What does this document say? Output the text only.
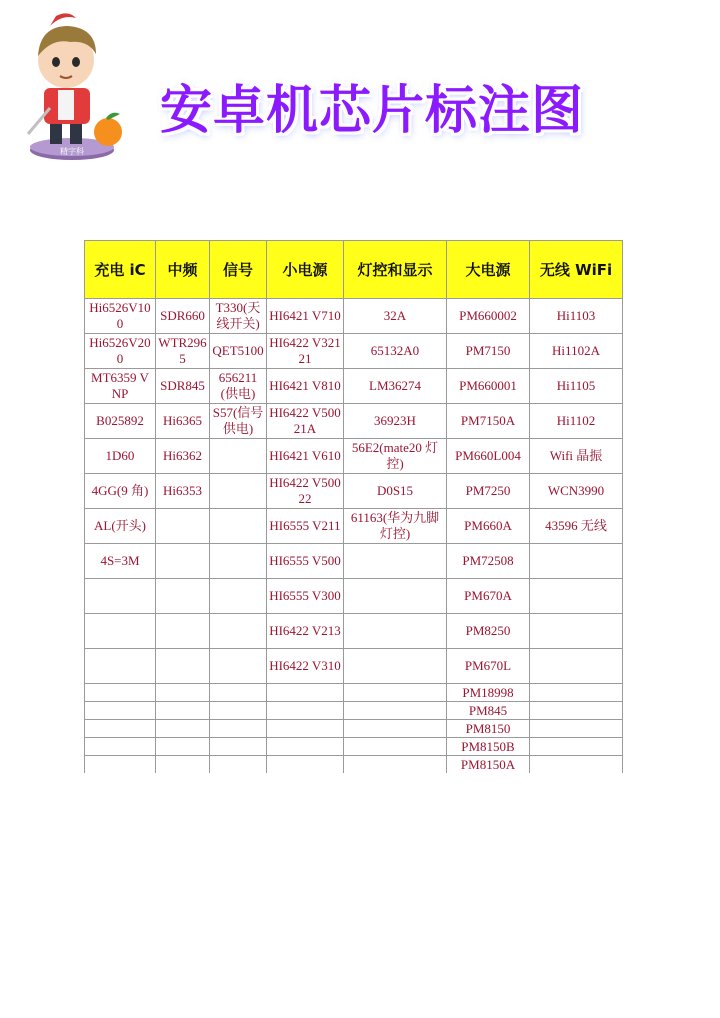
精字科
安卓机芯片标注图
充电 iC	中频	信号	小电源	灯控和显示	大电源	无线 WiFi
Hi6526V100	SDR660	T330(天线开关)	HI6421 V710	32A	PM660002	Hi1103
Hi6526V200	WTR2965	QET5100	HI6422 V32121	65132A0	PM7150	Hi1102A
MT6359 VNP	SDR845	656211(供电)	HI6421 V810	LM36274	PM660001	Hi1105
B025892	Hi6365	S57(信号供电)	HI6422 V50021A	36923H	PM7150A	Hi1102
1D60	Hi6362		HI6421 V610	56E2(mate20 灯控)	PM660L004	Wifi 晶振
4GG(9 角)	Hi6353		HI6422 V50022	D0S15	PM7250	WCN3990
AL(开头)			HI6555 V211	61163(华为九脚灯控)	PM660A	43596 无线
4S=3M			HI6555 V500		PM72508	
			HI6555 V300		PM670A	
			HI6422 V213		PM8250	
			HI6422 V310		PM670L	
					PM18998	
					PM845	
					PM8150	
					PM8150B	
					PM8150A	
